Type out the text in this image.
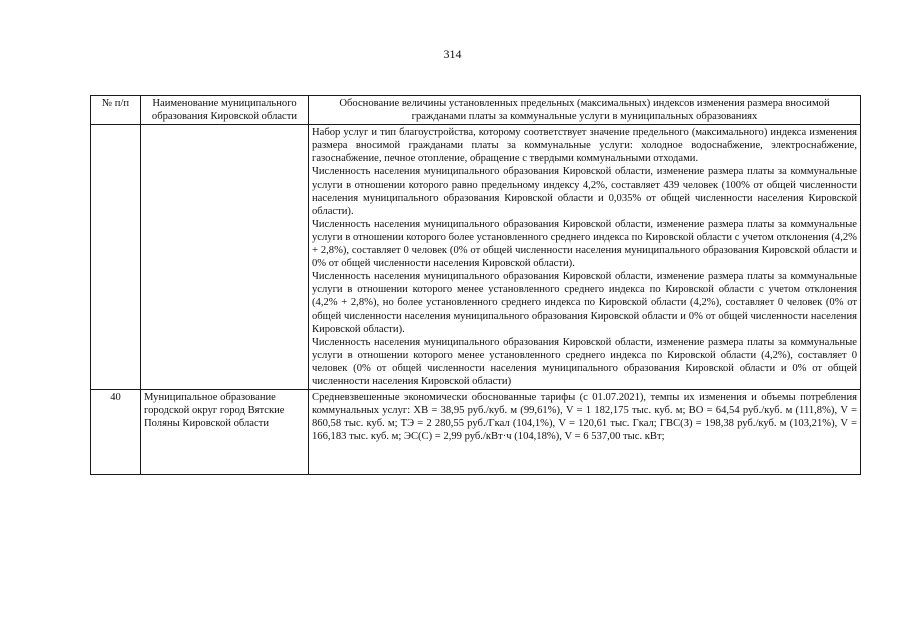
314
№ п/п	Наименование муниципального образования Кировской области	Обоснование величины установленных предельных (максимальных) индексов изменения размера вносимой гражданами платы за коммунальные услуги в муниципальных образованиях

		Набор услуг и тип благоустройства, которому соответствует значение предельного (максимального) индекса изменения размера вносимой гражданами платы за коммунальные услуги: холодное водоснабжение, электроснабжение, газоснабжение, печное отопление, обращение с твердыми коммунальными отходами.

Численность населения муниципального образования Кировской области, изменение размера платы за коммунальные услуги в отношении которого равно предельному индексу 4,2%, составляет 439 человек (100% от общей численности населения муниципального образования Кировской области и 0,035% от общей численности населения Кировской области).

Численность населения муниципального образования Кировской области, изменение размера платы за коммунальные услуги в отношении которого более установленного среднего индекса по Кировской области с учетом отклонения (4,2% + 2,8%), составляет 0 человек (0% от общей численности населения муниципального образования Кировской области и 0% от общей численности населения Кировской области).

Численность населения муниципального образования Кировской области, изменение размера платы за коммунальные услуги в отношении которого менее установленного среднего индекса по Кировской области с учетом отклонения (4,2% + 2,8%), но более установленного среднего индекса по Кировской области (4,2%), составляет 0 человек (0% от общей численности населения муниципального образования Кировской области и 0% от общей численности населения Кировской области).

Численность населения муниципального образования Кировской области, изменение размера платы за коммунальные услуги в отношении которого менее установленного среднего индекса по Кировской области (4,2%), составляет 0 человек (0% от общей численности населения муниципального образования Кировской области и 0% от общей численности населения Кировской области)

40	Муниципальное образование городской округ город Вятские Поляны Кировской области	Средневзвешенные экономически обоснованные тарифы (с 01.07.2021), темпы их изменения и объемы потребления коммунальных услуг: ХВ = 38,95 руб./куб. м (99,61%), V = 1 182,175 тыс. куб. м; ВО = 64,54 руб./куб. м (111,8%), V = 860,58 тыс. куб. м; ТЭ = 2 280,55 руб./Гкал (104,1%), V = 120,61 тыс. Гкал; ГВС(З) = 198,38 руб./куб. м (103,21%), V = 166,183 тыс. куб. м; ЭС(С) = 2,99 руб./кВт·ч (104,18%), V = 6 537,00 тыс. кВт;
